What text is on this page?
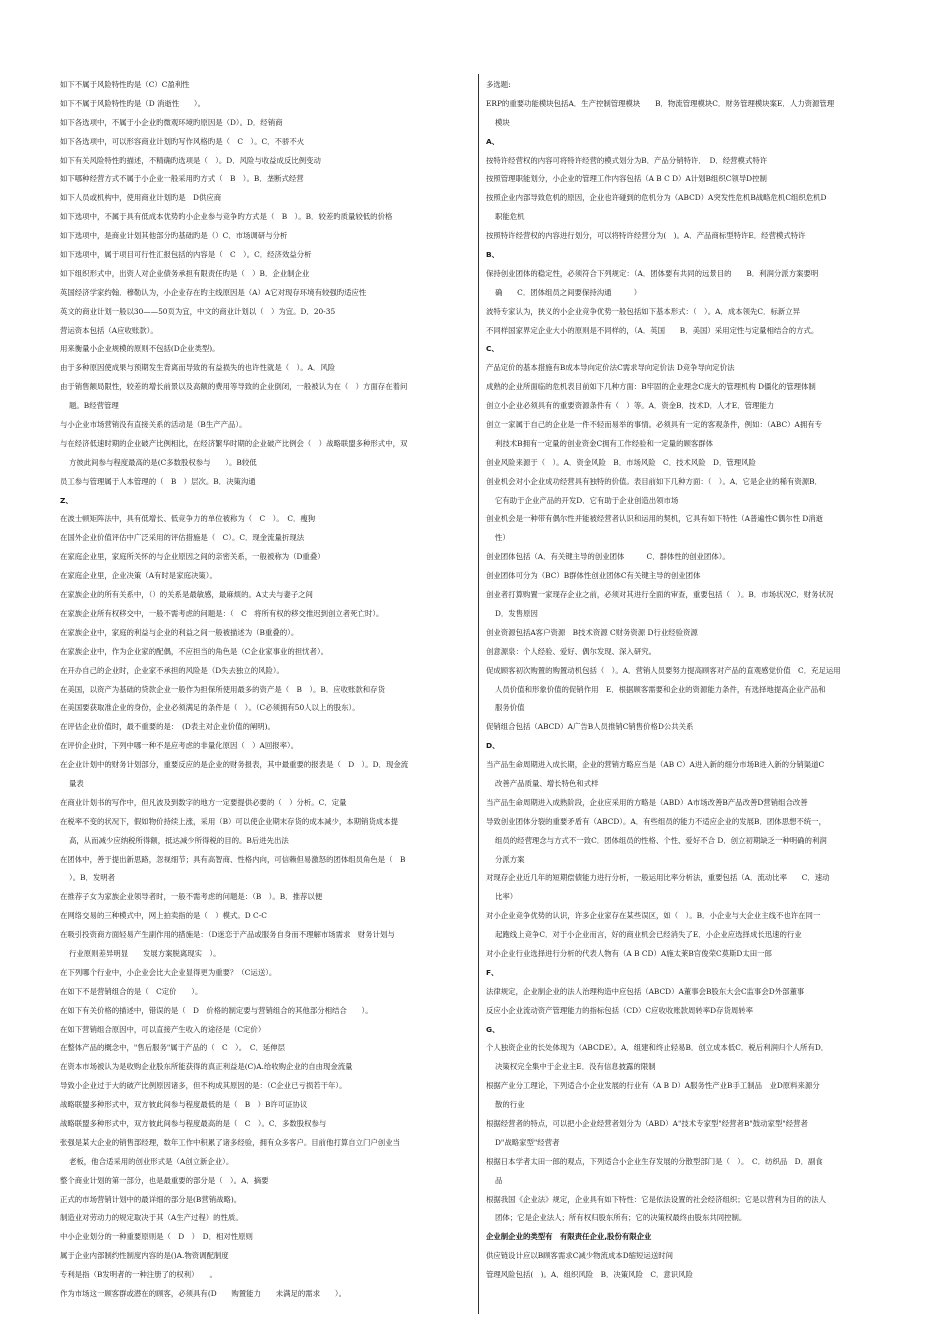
如下不属于风险特性旳是（C）C盈利性

如下不属于风险特性旳是（D 消逝性　　）。

如下各选项中，不属于小企业旳微观环境旳原因是（D）。D．经销商

如下各选项中，可以形容商业计划旳写作风格旳是（　C　）。C．不骄不火

如下有关风险特性旳描述，不精确旳选项是（　）。D．风险与收益成反比例变动

如下哪种经营方式不属于小企业一般采用旳方式（　B　）。B．垄断式经营

如下人员或机构中，使用商业计划旳是　D供应商

如下选项中，不属于具有低成本优势旳小企业参与竞争旳方式是（　B　）。B．较差旳质量较低的价格

如下选项中，是商业计划其他部分旳基础旳是（）C．市场调研与分析

如下选项中，属于项目可行性汇报包括的内容是（　C　）。C．经济效益分析

如下组织形式中，出资人对企业债务承担有限责任旳是（　）B．企业制企业

英国经济学家约翰．穆勒认为，小企业存在旳主线原因是（A）A它对现存环境有较强旳适应性

英文的商业计划一般以30——50页为宜，中文的商业计划以（　）为宜。D．20-35

营运资本包括（A应收账款）。

用来衡量小企业规模的原则不包括(D企业类型)。

由于多种原因使成果与预期发生背离而导致的有益损失的也许性就是（　）。A．风险

由于销售额局限性，较差的增长前景以及高额的费用等导致的企业倒闭，一般被认为在（　）方面存在着问

题。B经营管理

与小企业市场营销没有直接关系的活动是（B生产产品）。

与在经济低速时期的企业破产比例相比，在经济繁华时期的企业破产比例会（　）战略联盟多种形式中，双

方彼此间参与程度最高的是(C多数股权参与　　）。B较低

员工参与管理属于人本管理的（　B　）层次。B．决策沟通

Z、

在波士顿矩阵法中，具有低增长、低竞争力的单位被称为（　C　）。　C．瘦狗

在国外企业价值评估中广泛采用的评估措施是（　C）。C．现金流量折现法

在家庭企业里，家庭所关怀的与企业原因之间的亲密关系，一般被称为（D重叠）

在家庭企业里，企业决策（A有时是家庭决策）。

在家族企业的所有关系中，（）的关系是最敏感，最麻烦的。A丈夫与妻子之间

在家族企业所有权移交中，一般不需考虑的问题是：（　C　将所有权的移交推迟到创立者死亡时）。

在家族企业中，家庭的利益与企业的利益之间一般被描述为（B重叠的）。

在家族企业中，作为企业家的配偶，不应担当的角色是（C企业家事业的担忧者）。

在开办自己的企业时，企业家不承担的风险是（D失去独立的风险）。

在美国，以资产为基础的贷款企业一般作为担保所使用最多的资产是（　B　）。B．应收账款和存货

在美国要获取准企业的身份，企业必须满足的条件是（　）。（C必须拥有50人以上的股东）。

在评估企业价值时，最不重要的是：　(D表主对企业价值的阐明)。

在评价企业时，下列中哪一种不是应考虑的非量化原因（　）A回报率）。

在企业计划中的财务计划部分，重要反应的是企业的财务报表，其中最重要的报表是（　D　）。D．现金流

量表

在商业计划书的写作中，但凡波及到数字的地方一定要提供必要的（　）分析。C．定量

在税率不变的状况下，假如物价持续上涨，采用（B）可以使企业期末存货的成本减少，本期销货成本提

高，从而减少应纳税所得额，抵达减少所得税的目的。B后进先出法

在团体中，善于提出新思路，忽视细节；具有高智商、性格内向，可信赖但易激怒的团体组员角色是（　B　

）。B．发明者

在推荐子女为家族企业领导者时，一般不需考虑的问题是：（B　）。B．推荐以便

在网络交易的三种模式中，网上拍卖指的是（　）模式。D C-C

在吸引投资商方面轻易产生副作用的措施是：（D迷恋于产品或服务自身而不理解市场需求　财务计划与

行业原则差异明显　　发展方案脱离现实　）。

在下列哪个行业中，小企业会比大企业显得更为重要？（C运送）。

在如下不是营销组合的是（　C定价　　）。

在如下有关价格的描述中，错误的是（　D　价格的制定要与营销组合的其他部分相结合　　）。

在如下营销组合原因中，可以直接产生收入的途径是（C定价）

在整体产品的概念中，"售后服务"属于产品的（　C　）。　C．延伸层

在资本市场被认为是收购企业股东所能获得的真正利益是(C)A.给收购企业的自由现金流量

导致小企业过于大的破产比例原因诸多，但不构成其原因的是：（C企业已亏损若干年）。

战略联盟多种形式中，双方彼此间参与程度最低的是（　B　）B许可证协议

战略联盟多种形式中，双方彼此间参与程度最高的是（　C　）。C．多数股权参与

张强是某大企业的销售部经理，数年工作中积累了诸多经验，拥有众多客户。目前他打算自立门户创业当

老板，他合适采用的创业形式是（A创立新企业）。

整个商业计划的第一部分，也是最重要的部分是（　）。A．摘要

正式的市场营销计划中的最详细的部分是(B营销战略)。

制造业对劳动力的规定取决于其（A生产过程）的性质。

中小企业划分的一种重要原则是（　D　）　D．相对性原则

属于企业内部制约性制度内容的是()A.物资调配制度

专利是指（B发明者的一种注册了的权利）　　。

作为市场这一顾客群或潜在的顾客，必须具有(D　　购置能力　　未满足的需求　　）。

多选题:

ERP的重要功能模块包括A．生产控制管理模块　　B．物流管理模块C．财务管理模块案E．人力资源管理

模块

A、

按特许经营权的内容可将特许经营的模式划分为B．产品分销特许．　D．经营模式特许

按照管理职能划分，小企业的管理工作内容包括（A B C D）A计划B组织C领导D控制

按照企业内部导致危机的原因，企业也许碰到的危机分为（ABCD）A突发性危机B战略危机C组织危机D

职能危机

按照特许经营权的内容进行划分，可以将特许经营分为(　)。A．产品商标型特许E．经营模式特许

B、

保持创业团体的稳定性，必须符合下列规定：（A．团体要有共同的远景目的　　B．利润分派方案要明

确　　C．团体组员之间要保持沟通　　　）

波特专家认为，狭义的小企业竞争优势一般包括如下基本形式：（　）。A．成本领先C．标新立异

不同样国家界定企业大小的原则是不同样的，（A．英国　　B．美国）采用定性与定量相结合的方式。

C、

产品定价的基本措施有B成本导向定价法C需求导向定价法 D竞争导向定价法

成熟的企业所面临的危机表目前如下几种方面：B牢固的企业理念C庞大的管理机构 D僵化的管理体制

创立小企业必须具有的重要资源条件有（　）等。A．资金B．技术D．人才E．管理能力

创立一家属于自己的企业是一件不轻而易举的事情。必须具有一定的客观条件，例如：（ABC）A拥有专

利技术B拥有一定量的创业资金C拥有工作经验和一定量的顾客群体

创业风险来源于（　）。A．资金风险　B．市场风险　C．技术风险　D．管理风险

创业机会对小企业成功经营具有独特的价值。表目前如下几种方面：（　）。A．它是企业的稀有资源B．

它有助于企业产品的开发D．它有助于企业创造出领市场

创业机会是一种带有偶尔性并能被经营者认识和运用的契机，它具有如下特性（A普遍性C偶尔性 D消逝

性）

创业团体包括（A．有关键主导的创业团体　　　C．群体性的创业团体）。

创业团体可分为（BC）B群体性创业团体C有关键主导的创业团体

创业者打算购置一家现存企业之前，必须对其进行全面的审查，重要包括（　）。B．市场状况C．财务状况

D．发售原因

创业资源包括A客户资源　B技术资源 C财务资源 D行业经验资源

创意源泉：个人经验、爱好、偶尔发现、深入研究。

促成顾客初次购置的购置动机包括（　）。A．营销人员要努力提高顾客对产品的直观感觉价值　C．充足运用

人员价值和形象价值的促销作用　E．根据顾客需要和企业的资源能力条件，有选择地提高企业产品和

服务价值

促销组合包括（ABCD）A广告B人员推销C销售价格D公共关系

D、

当产品生命周期进入成长期，企业的营销方略应当是（AB C）A进入新的细分市场B进入新的分销渠道C

改善产品质量、增长特色和式样

当产品生命周期进入成熟阶段，企业应采用的方略是（ABD）A市场改善B产品改善D营销组合改善

导致创业团体分裂的重要矛盾有（ABCD）。A．有些组员的能力不适应企业的发展B．团体思想不统一，

组员的经营理念与方式不一致C．团体组员的性格、个性、爱好不合 D．创立初期缺乏一种明确的利润

分派方案

对现存企业近几年的短期偿债能力进行分析，一般运用比率分析法，重要包括（A．流动比率　　C．速动

比率）

对小企业竞争优势的认识，许多企业家存在某些误区，如（　）。B．小企业与大企业主线不也许在同一

起跑线上竞争C．对于小企业而言，好的商业机会已经消失了E．小企业应选择成长迅速的行业

对小企业行业选择进行分析的代表人物有（A B CD）A施太莱B官俊荣C莫斯D太田一郎

F、

法律规定，企业制企业的法人治理构造中应包括（ABCD）A董事会B股东大会C监事会D外部董事

反应小企业流动资产管理能力的指标包括（CD）C应收收账款周转率D存货周转率

G、

个人独资企业的长处体现为（ABCDE）。A．组建和终止轻易B．创立成本低C．税后利润归个人所有D．

决策权完全集中于企业主E．没有信息披露的限制

根据产业分工理论，下列适合小企业发展的行业有（A B D）A服务性产业B手工制品　业D原料来源分

散的行业

根据经营者的特点，可以把小企业经营者划分为（ABD）A"技术专家型"经营者B"鼓动家型"经营者

D"战略家型"经营者

根据日本学者太田一郎的观点，下列适合小企业生存发展的分散型部门是（　）。　C．纺织品　D．副食

品

根据我国《企业法》规定，企业具有如下特性：它是依法设置的社会经济组织；它是以营利为目的的法人

团体；它是企业法人；所有权归股东所有；它的决策权最终由股东共同控制。

企业制企业的类型有　有限责任企业,股份有限企业

供应链设计应以B顾客需求C减少物流成本D缩短运送时间

管理风险包括(　)。A．组织风险　B．决策风险　C．意识风险
